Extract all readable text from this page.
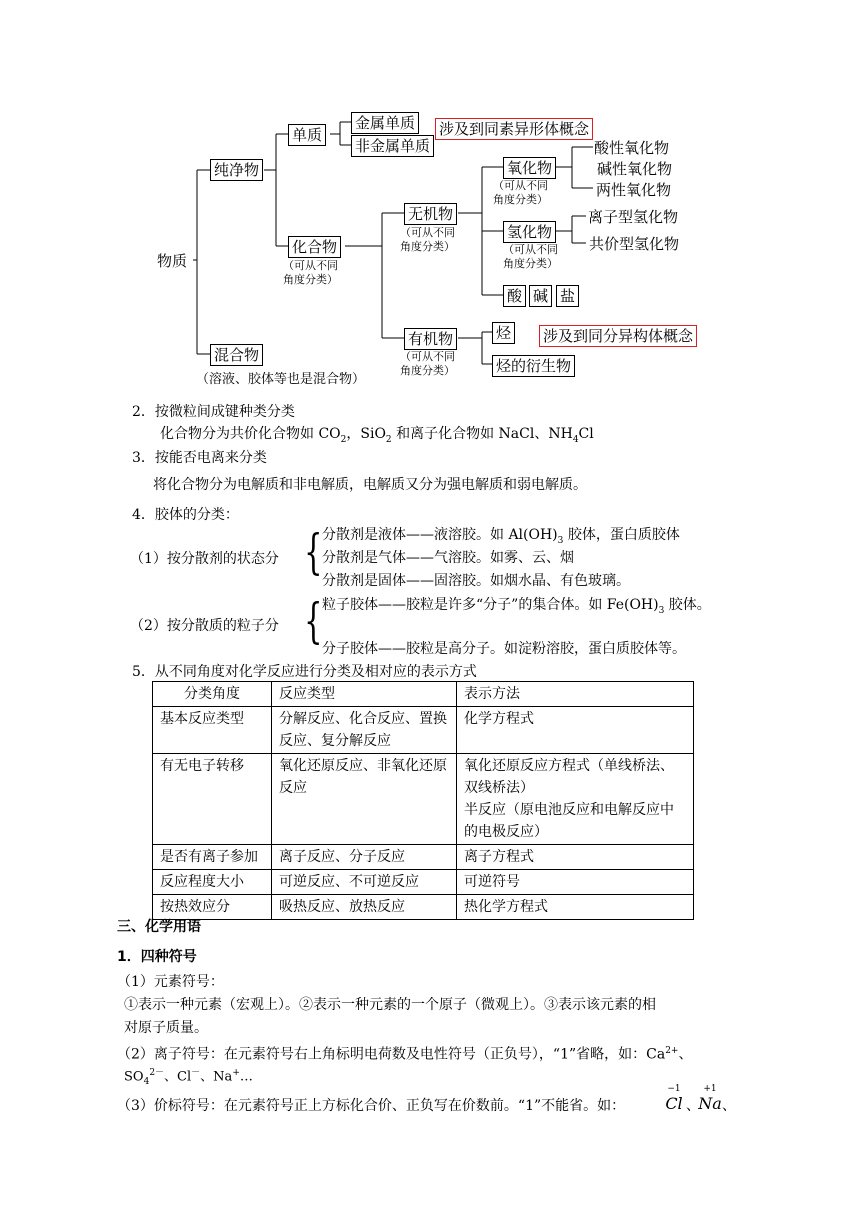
物质
纯净物
单质
金属单质
非金属单质
涉及到同素异形体概念
化合物
（可从不同
角度分类）
无机物
（可从不同
角度分类）
氧化物
（可从不同
角度分类）
酸性氧化物
碱性氧化物
两性氧化物
氢化物
（可从不同
角度分类）
离子型氢化物
共价型氢化物
酸 碱 盐
有机物
（可从不同
角度分类）
烃 涉及到同分异构体概念
烃的衍生物
混合物
（溶液、胶体等也是混合物）
2．按微粒间成键种类分类
化合物分为共价化合物如 $CO_2$，SiO$_2$ 和离子化合物如 NaCl、$NH_4Cl$
3．按能否电离来分类
将化合物分为电解质和非电解质，电解质又分为强电解质和弱电解质。
4．胶体的分类：
（1）按分散剂的状态分 { 分散剂是液体——液溶胶。如 $Al(OH)_3$ 胶体，蛋白质胶体
分散剂是气体——气溶胶。如雾、云、烟
分散剂是固体——固溶胶。如烟水晶、有色玻璃。
（2）按分散质的粒子分 { 粒子胶体——胶粒是许多“分子”的集合体。如 $Fe(OH)_3$ 胶体。
分子胶体——胶粒是高分子。如淀粉溶胶，蛋白质胶体等。
5．从不同角度对化学反应进行分类及相对应的表示方式
分类角度	反应类型	表示方法
基本反应类型	分解反应、化合反应、置换反应、复分解反应	化学方程式
有无电子转移	氧化还原反应、非氧化还原反应	氧化还原反应方程式（单线桥法、双线桥法）
半反应（原电池反应和电解反应中的电极反应）

是否有离子参加	离子反应、分子反应	离子方程式
反应程度大小	可逆反应、不可逆反应	可逆符号
按热效应分	吸热反应、放热反应	热化学方程式
三、化学用语
1．四种符号
（1）元素符号：
①表示一种元素（宏观上）。②表示一种元素的一个原子（微观上）。③表示该元素的相
对原子质量。
（2）离子符号：在元素符号右上角标明电荷数及电性符号（正负号），“1”省略，如：$Ca^{2+}$、
$SO_4^{2-}$、Cl－、Na+…
（3）价标符号：在元素符号正上方标化合价、正负写在价数前。“1”不能省。如：
−1
Cl 、
+1
Na 、
